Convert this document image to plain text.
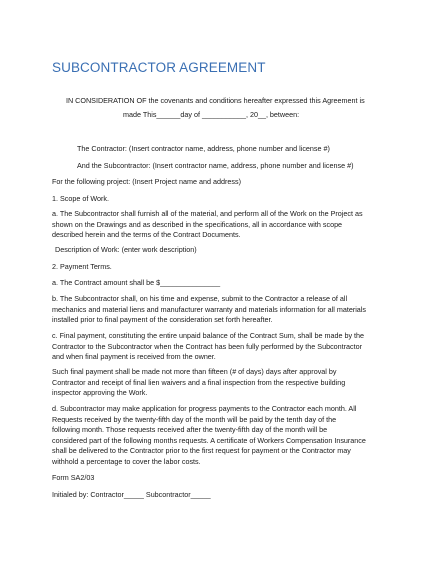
SUBCONTRACTOR AGREEMENT
IN CONSIDERATION OF the covenants and conditions hereafter expressed this Agreement is
made This______day of ___________, 20__, between:
The Contractor: (Insert contractor name, address, phone number and license #)
And the Subcontractor: (Insert contractor name, address, phone number and license #)
For the following project: (Insert Project name and address)
1. Scope of Work.
a. The Subcontractor shall furnish all of the material, and perform all of the Work on the Project as
shown on the Drawings and as described in the specifications, all in accordance with scope
described herein and the terms of the Contract Documents.
Description of Work: (enter work description)
2. Payment Terms.
a. The Contract amount shall be $_______________
b. The Subcontractor shall, on his time and expense, submit to the Contractor a release of all
mechanics and material liens and manufacturer warranty and materials information for all materials
installed prior to final payment of the consideration set forth hereafter.
c. Final payment, constituting the entire unpaid balance of the Contract Sum, shall be made by the
Contractor to the Subcontractor when the Contract has been fully performed by the Subcontractor
and when final payment is received from the owner.
Such final payment shall be made not more than fifteen (# of days) days after approval by
Contractor and receipt of final lien waivers and a final inspection from the respective building
inspector approving the Work.
d. Subcontractor may make application for progress payments to the Contractor each month. All
Requests received by the twenty-fifth day of the month will be paid by the tenth day of the
following month. Those requests received after the twenty-fifth day of the month will be
considered part of the following months requests. A certificate of Workers Compensation Insurance
shall be delivered to the Contractor prior to the first request for payment or the Contractor may
withhold a percentage to cover the labor costs.
Form SA2/03
Initialed by: Contractor_____ Subcontractor_____
